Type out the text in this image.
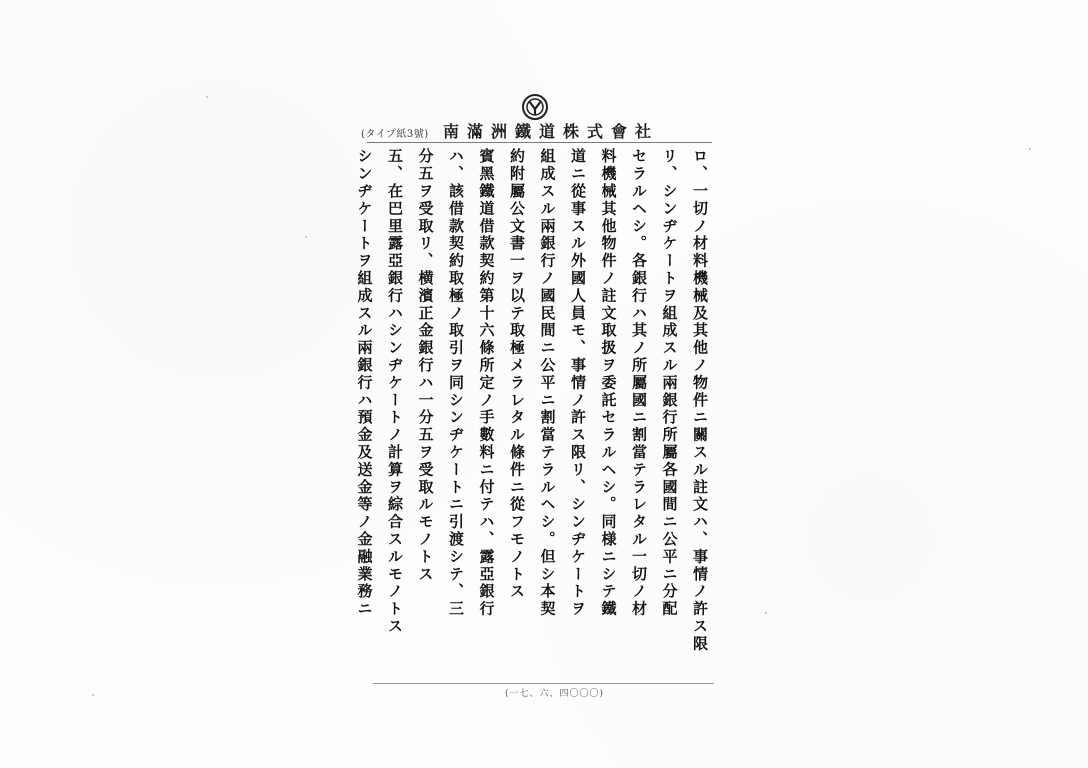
(タイプ紙3號) 南滿洲鐵道株式會社

ロ、一切ノ材料機械及其他ノ物件ニ關スル註文ハ、事情ノ許ス限

リ、シンヂケートヲ組成スル兩銀行所屬各國間ニ公平ニ分配

セラルヘシ。各銀行ハ其ノ所屬國ニ割當テラレタル一切ノ材

料機械其他物件ノ註文取扱ヲ委託セラルヘシ。同様ニシテ鐵

道ニ從事スル外國人員モ、事情ノ許ス限リ、シンヂケートヲ

組成スル兩銀行ノ國民間ニ公平ニ割當テラルヘシ。但シ本契

約附屬公文書一ヲ以テ取極メラレタル條件ニ從フモノトス

賓黑鐵道借款契約第十六條所定ノ手數料ニ付テハ、露亞銀行

ハ、該借款契約取極ノ取引ヲ同シンヂケートニ引渡シテ、三

分五ヲ受取リ、横濱正金銀行ハ一分五ヲ受取ルモノトス

五、在巴里露亞銀行ハシンヂケートノ計算ヲ綜合スルモノトス

シンヂケートヲ組成スル兩銀行ハ預金及送金等ノ金融業務ニ

(一七、六、四〇〇〇)
